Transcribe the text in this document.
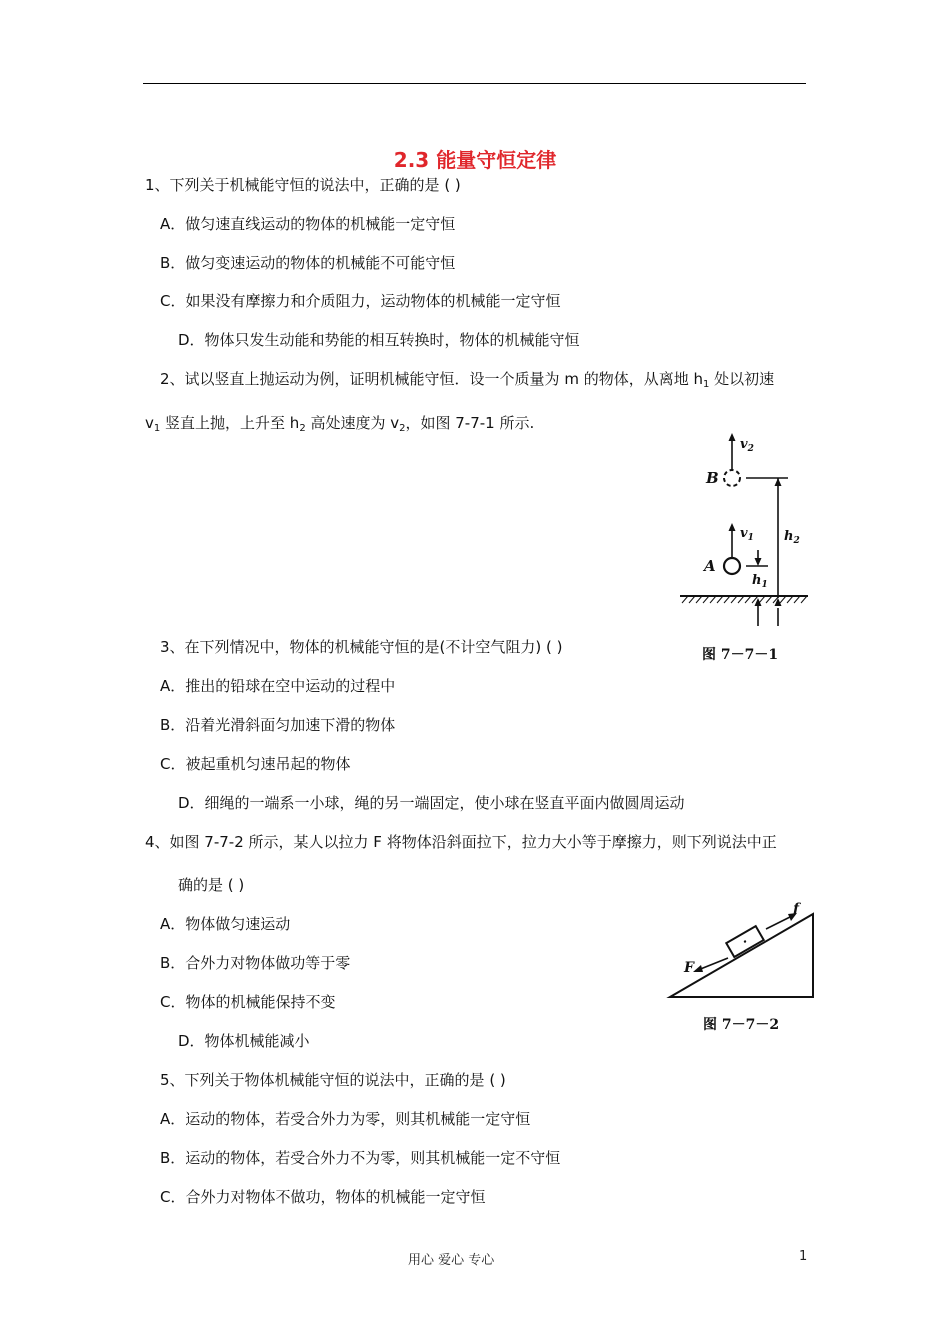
2.3 能量守恒定律
1、下列关于机械能守恒的说法中，正确的是 ( )
A．做匀速直线运动的物体的机械能一定守恒
B．做匀变速运动的物体的机械能不可能守恒
C．如果没有摩擦力和介质阻力，运动物体的机械能一定守恒
D．物体只发生动能和势能的相互转换时，物体的机械能守恒
2、试以竖直上抛运动为例，证明机械能守恒．设一个质量为 m 的物体，从离地 $h_1$ 处以初速
$v_1$ 竖直上抛，上升至 $h_2$ 高处速度为 $v_2$，如图 7-7-1 所示.
$v_2$
B
$v_1$ $h_2$
A
$h_1$
图 7－7－1
3、在下列情况中，物体的机械能守恒的是(不计空气阻力) ( )
A．推出的铅球在空中运动的过程中
B．沿着光滑斜面匀加速下滑的物体
C．被起重机匀速吊起的物体
D．细绳的一端系一小球，绳的另一端固定，使小球在竖直平面内做圆周运动
4、如图 7-7-2 所示，某人以拉力 F 将物体沿斜面拉下，拉力大小等于摩擦力，则下列说法中正
确的是 ( )
A．物体做匀速运动
B．合外力对物体做功等于零
C．物体的机械能保持不变
D．物体机械能减小
f
F
图 7－7－2
5、下列关于物体机械能守恒的说法中，正确的是 ( )
A．运动的物体，若受合外力为零，则其机械能一定守恒
B．运动的物体，若受合外力不为零，则其机械能一定不守恒
C．合外力对物体不做功，物体的机械能一定守恒
用心 爱心 专心	1
